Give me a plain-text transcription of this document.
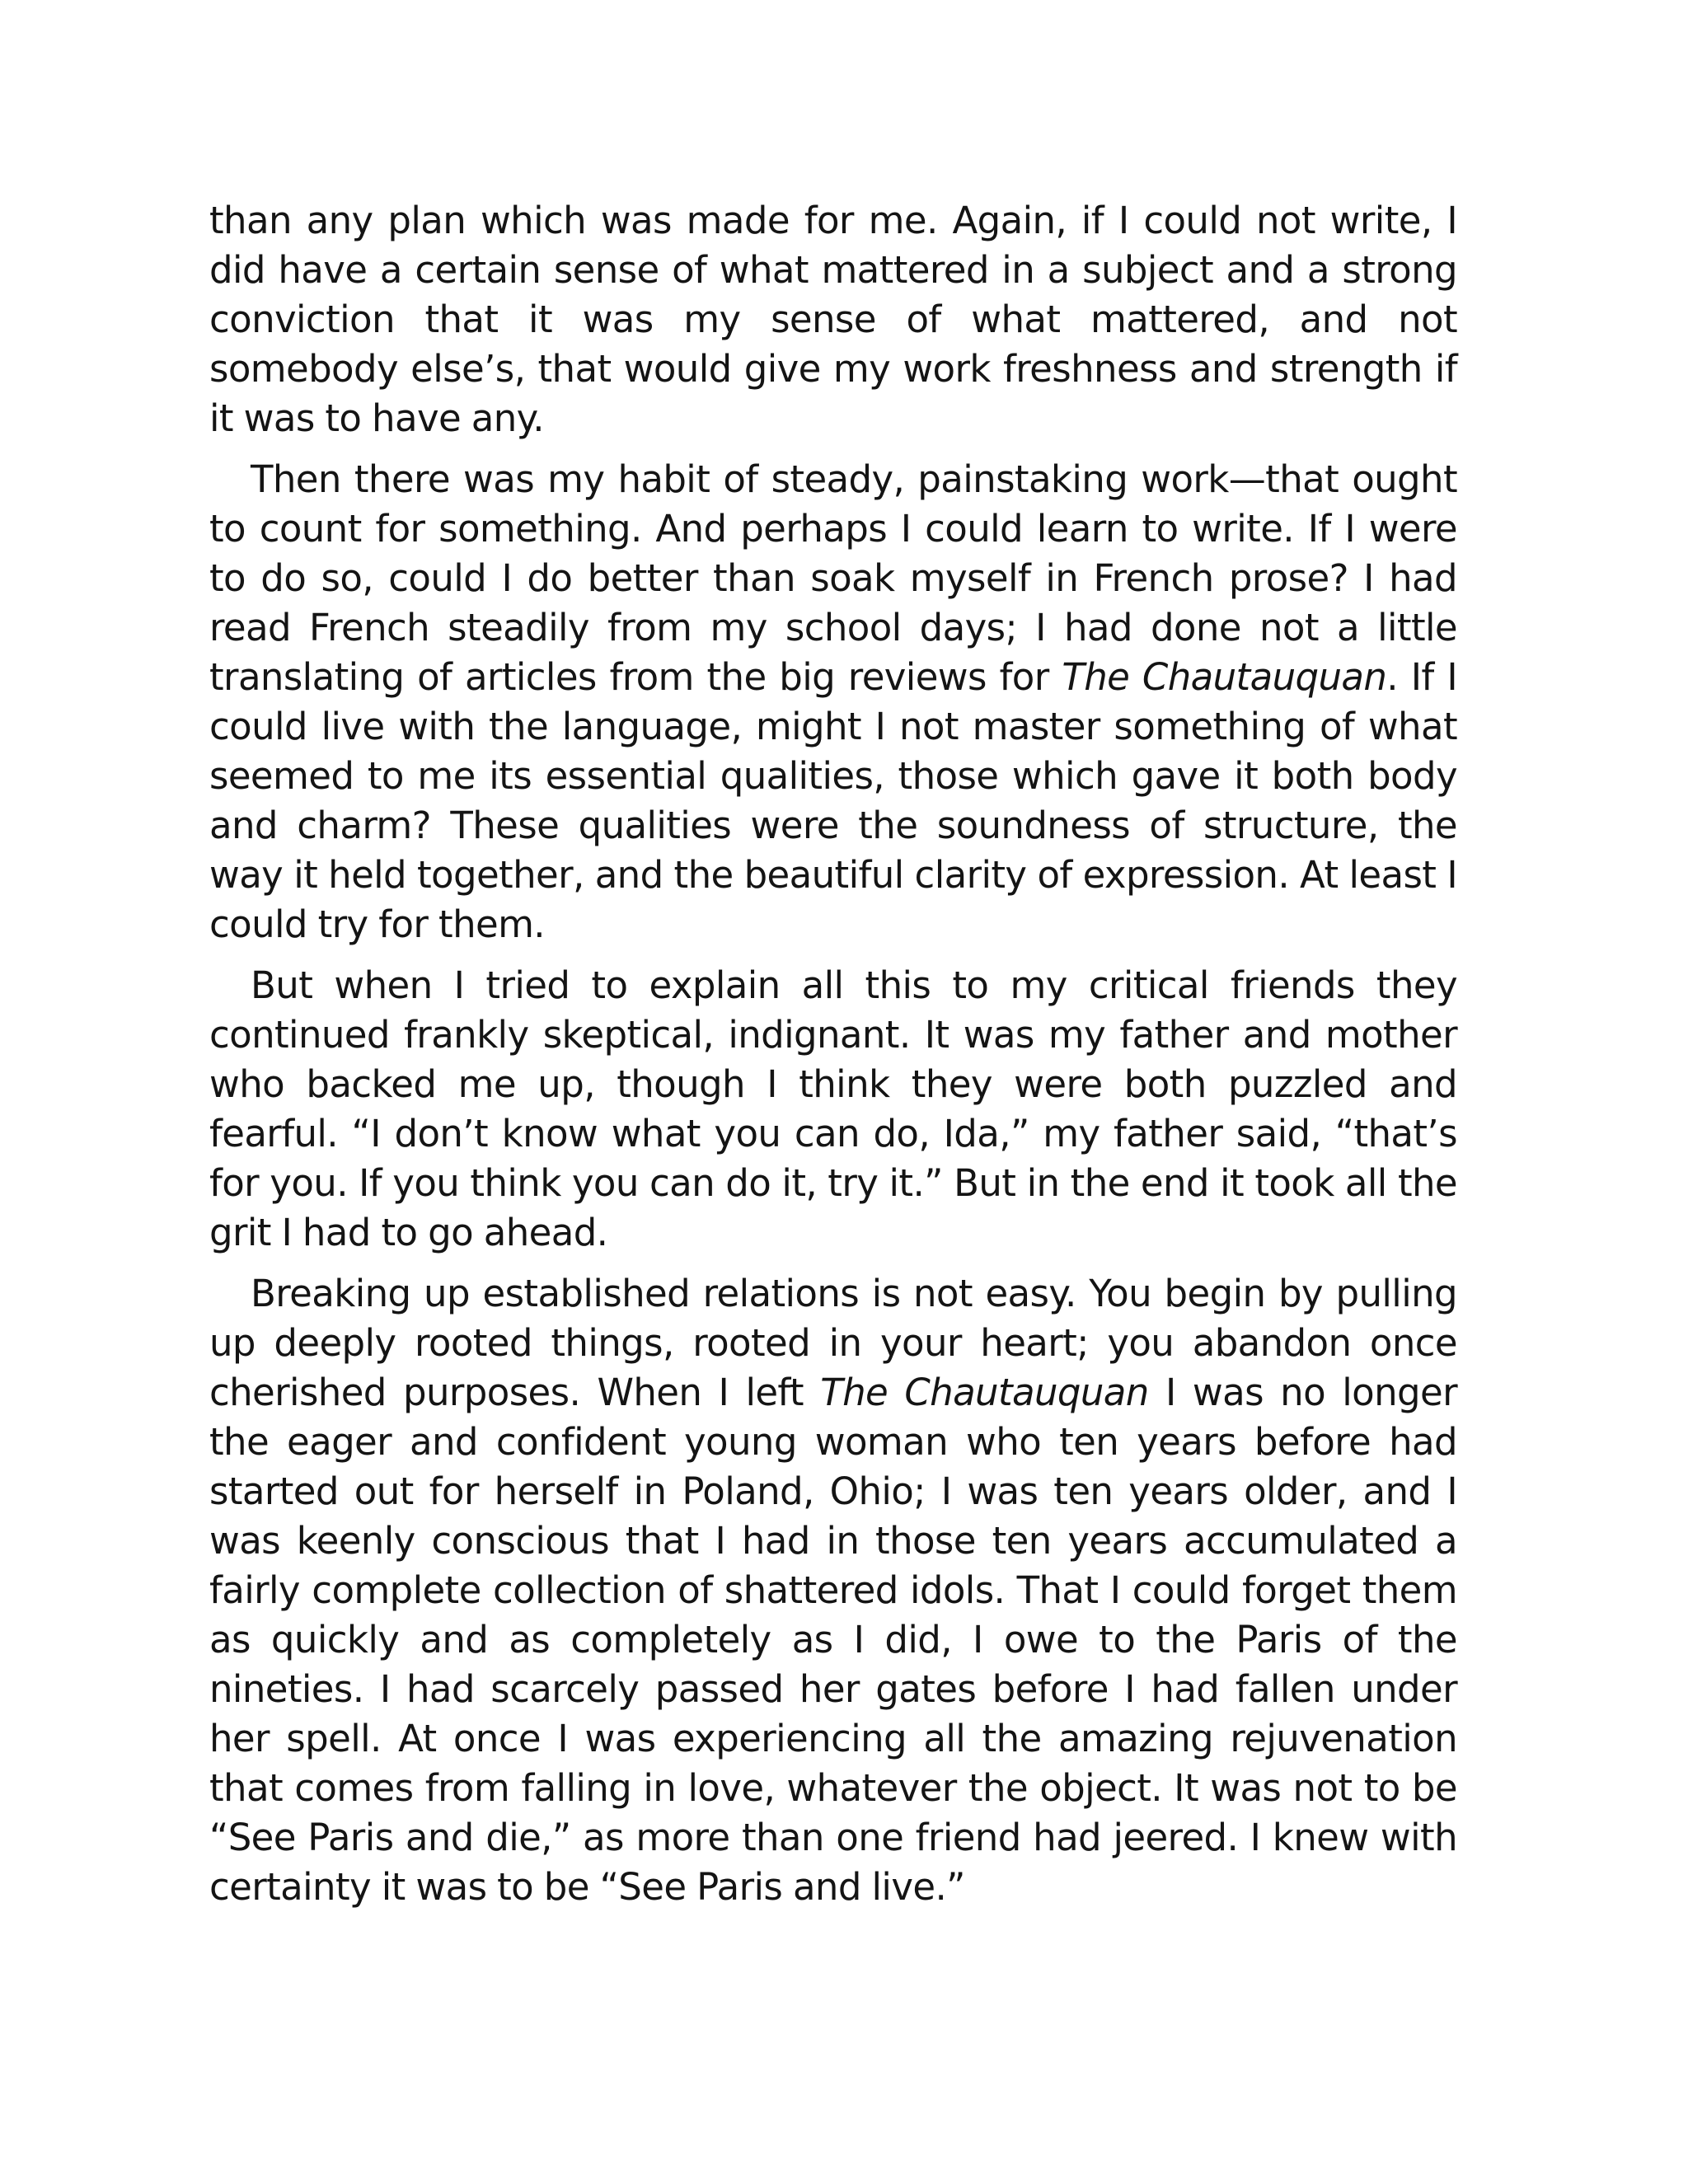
than any plan which was made for me. Again, if I could not write, I did have a certain sense of what mattered in a subject and a strong conviction that it was my sense of what mattered, and not somebody else’s, that would give my work freshness and strength if it was to have any.

Then there was my habit of steady, painstaking work—that ought to count for something. And perhaps I could learn to write. If I were to do so, could I do better than soak myself in French prose? I had read French steadily from my school days; I had done not a little translating of articles from the big reviews for The Chautauquan. If I could live with the language, might I not master something of what seemed to me its essential qualities, those which gave it both body and charm? These qualities were the soundness of structure, the way it held together, and the beautiful clarity of expression. At least I could try for them.

But when I tried to explain all this to my critical friends they continued frankly skeptical, indignant. It was my father and mother who backed me up, though I think they were both puzzled and fearful. “I don’t know what you can do, Ida,” my father said, “that’s for you. If you think you can do it, try it.” But in the end it took all the grit I had to go ahead.

Breaking up established relations is not easy. You begin by pulling up deeply rooted things, rooted in your heart; you abandon once cherished purposes. When I left The Chautauquan I was no longer the eager and confident young woman who ten years before had started out for herself in Poland, Ohio; I was ten years older, and I was keenly conscious that I had in those ten years accumulated a fairly complete collection of shattered idols. That I could forget them as quickly and as completely as I did, I owe to the Paris of the nineties. I had scarcely passed her gates before I had fallen under her spell. At once I was experiencing all the amazing rejuvenation that comes from falling in love, whatever the object. It was not to be “See Paris and die,” as more than one friend had jeered. I knew with certainty it was to be “See Paris and live.”
